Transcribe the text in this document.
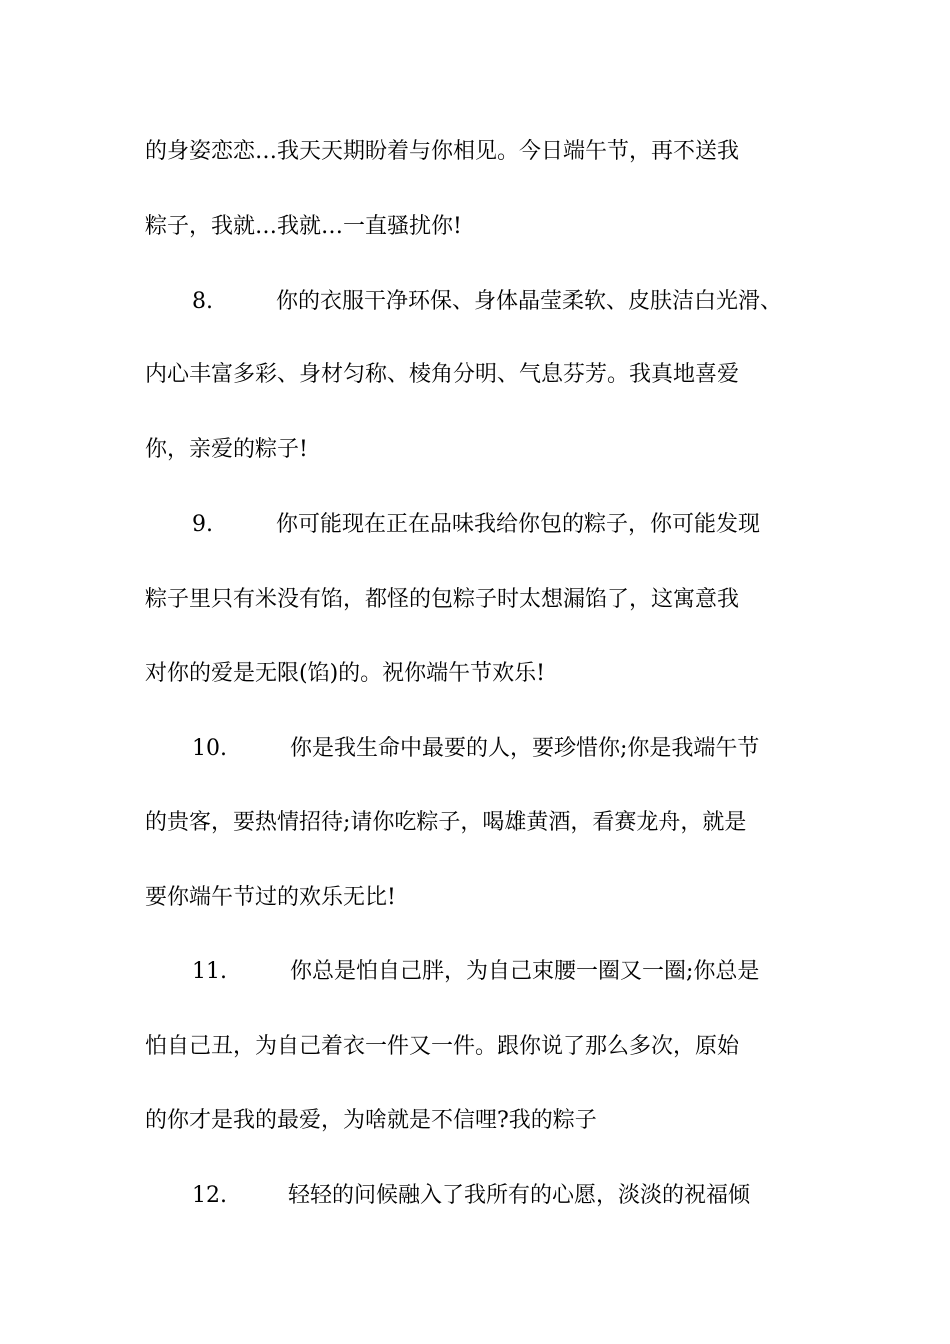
的身姿恋恋…我天天期盼着与你相见。今日端午节，再不送我
粽子，我就…我就…一直骚扰你!
8.	你的衣服干净环保、身体晶莹柔软、皮肤洁白光滑、
内心丰富多彩、身材匀称、棱角分明、气息芬芳。我真地喜爱
你，亲爱的粽子!
9.	你可能现在正在品味我给你包的粽子，你可能发现
粽子里只有米没有馅，都怪的包粽子时太想漏馅了，这寓意我
对你的爱是无限(馅)的。祝你端午节欢乐!
10.	你是我生命中最要的人，要珍惜你;你是我端午节
的贵客，要热情招待;请你吃粽子，喝雄黄酒，看赛龙舟，就是
要你端午节过的欢乐无比!
11.	你总是怕自己胖，为自己束腰一圈又一圈;你总是
怕自己丑，为自己着衣一件又一件。跟你说了那么多次，原始
的你才是我的最爱，为啥就是不信哩?我的粽子
12.	轻轻的问候融入了我所有的心愿，淡淡的祝福倾
